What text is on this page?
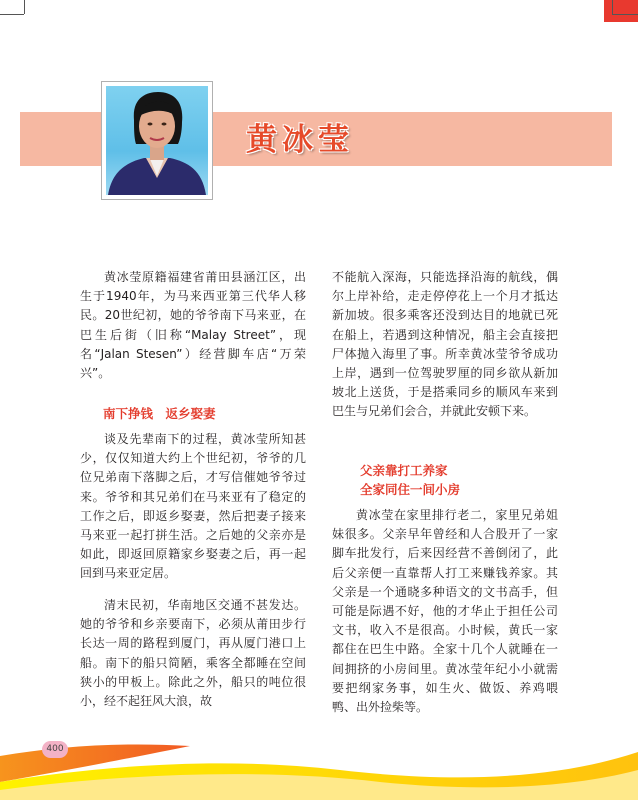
黄冰莹

黄冰莹原籍福建省莆田县涵江区，出生于1940年，为马来西亚第三代华人移民。20世纪初，她的爷爷南下马来亚，在巴生后街（旧称“Malay Street”，现名“Jalan Stesen”）经营脚车店“万荣兴”。

南下挣钱　返乡娶妻

谈及先辈南下的过程，黄冰莹所知甚少，仅仅知道大约上个世纪初，爷爷的几位兄弟南下落脚之后，才写信催她爷爷过来。爷爷和其兄弟们在马来亚有了稳定的工作之后，即返乡娶妻，然后把妻子接来马来亚一起打拼生活。之后她的父亲亦是如此，即返回原籍家乡娶妻之后，再一起回到马来亚定居。

清末民初，华南地区交通不甚发达。她的爷爷和乡亲要南下，必须从莆田步行长达一周的路程到厦门，再从厦门港口上船。南下的船只简陋，乘客全都睡在空间狭小的甲板上。除此之外，船只的吨位很小，经不起狂风大浪，故

不能航入深海，只能选择沿海的航线，偶尔上岸补给，走走停停花上一个月才抵达新加坡。很多乘客还没到达目的地就已死在船上，若遇到这种情况，船主会直接把尸体抛入海里了事。所幸黄冰莹爷爷成功上岸，遇到一位驾驶罗厘的同乡欲从新加坡北上送货，于是搭乘同乡的顺风车来到巴生与兄弟们会合，并就此安顿下来。

父亲靠打工养家
全家同住一间小房

黄冰莹在家里排行老二，家里兄弟姐妹很多。父亲早年曾经和人合股开了一家脚车批发行，后来因经营不善倒闭了，此后父亲便一直靠帮人打工来赚钱养家。其父亲是一个通晓多种语文的文书高手，但可能是际遇不好，他的才华止于担任公司文书，收入不是很高。小时候，黄氏一家都住在巴生中路。全家十几个人就睡在一间拥挤的小房间里。黄冰莹年纪小小就需要把纲家务事，如生火、做饭、养鸡喂鸭、出外捡柴等。

400
